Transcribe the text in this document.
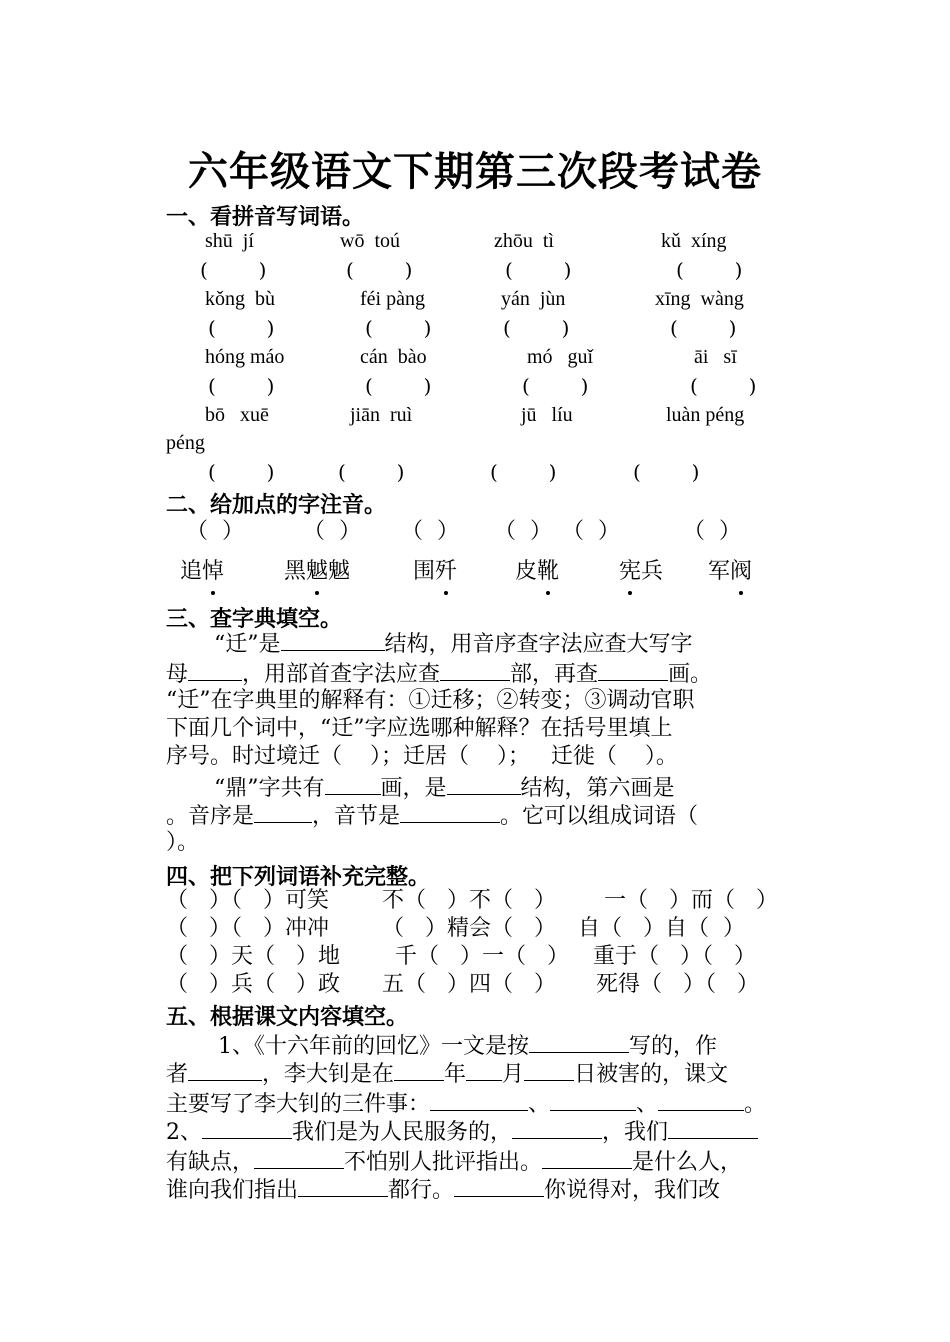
六年级语文下期第三次段考试卷
一、看拼音写词语。
shū  jí	wō  toú	zhōu  tì	kǔ  xíng
(        )	(        )	(        )	(        )
kǒng  bù	féi pàng	yán  jùn	xīng  wàng
(        )	(        )	(        )	(        )
hóng máo	cán  bào	mó   guǐ	āi   sī
(        )	(        )	(        )	(        )
bō   xuē	jiān  ruì	jū   líu	luàn péng
péng
(        )	(        )	(        )	(        )
二、给加点的字注音。
（  ）	（  ） （  ） （  ） （  ）	（  ）
追悼	黑魆魆	围歼	皮靴	宪兵 军阀
三、查字典填空。
“迁”是	结构，用音序查字法应查大写字
母 ，用部首查字法应查	部，再查	画。
“迁”在字典里的解释有：①迁移；②转变；③调动官职
下面几个词中，“迁”字应选哪种解释？在括号里填上
序号。时过境迁（    ）；迁居（    ）；   迁徙（    ）。
“鼎”字共有	画，是	结构，第六画是
。音序是	，音节是	。它可以组成词语（
）。
四、把下列词语补充完整。
（   ）（   ）可笑 不（   ）不（   ） 一（   ）而（   ）
（   ）（   ）冲冲 （   ）精会（   ） 自（   ）自（  ）
（   ）天（   ）地	千（   ）一（   ） 重于（   ）（   ）
（   ）兵（   ）政 五（   ）四（   ） 死得（   ）（   ）
五、根据课文内容填空。
1、《十六年前的回忆》一文是按	写的，作
者	，李大钊是在 年 月 日被害的，课文
主要写了李大钊的三件事：	、	、	。
2、	我们是为人民服务的，	，我们
有缺点，	不怕别人批评指出。	是什么人，
谁向我们指出	都行。	你说得对，我们改
